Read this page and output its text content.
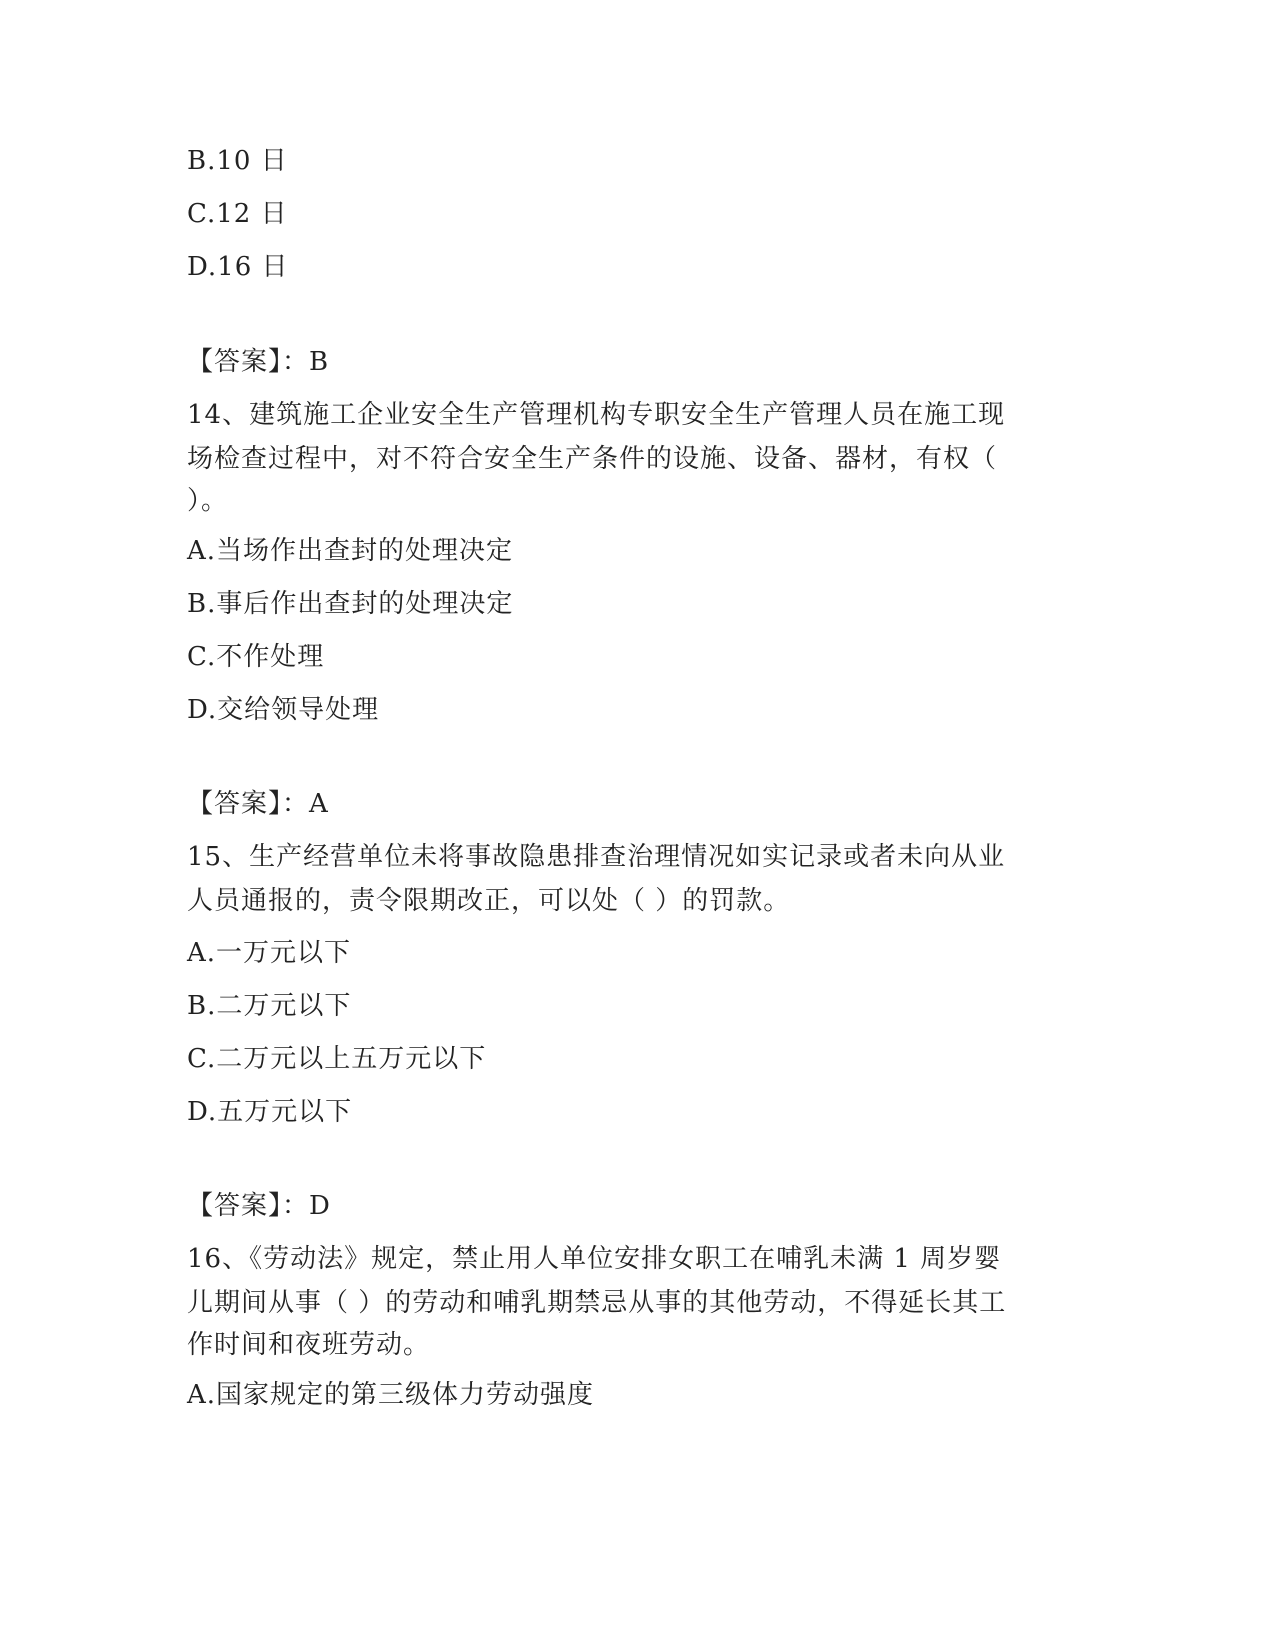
B.10 日
C.12 日
D.16 日
【答案】：B
14、建筑施工企业安全生产管理机构专职安全生产管理人员在施工现
场检查过程中，对不符合安全生产条件的设施、设备、器材，有权（
）。
A.当场作出查封的处理决定
B.事后作出查封的处理决定
C.不作处理
D.交给领导处理
【答案】：A
15、生产经营单位未将事故隐患排查治理情况如实记录或者未向从业
人员通报的，责令限期改正，可以处（ ）的罚款。
A.一万元以下
B.二万元以下
C.二万元以上五万元以下
D.五万元以下
【答案】：D
16、《劳动法》规定，禁止用人单位安排女职工在哺乳未满 1 周岁婴
儿期间从事（ ）的劳动和哺乳期禁忌从事的其他劳动，不得延长其工
作时间和夜班劳动。
A.国家规定的第三级体力劳动强度
